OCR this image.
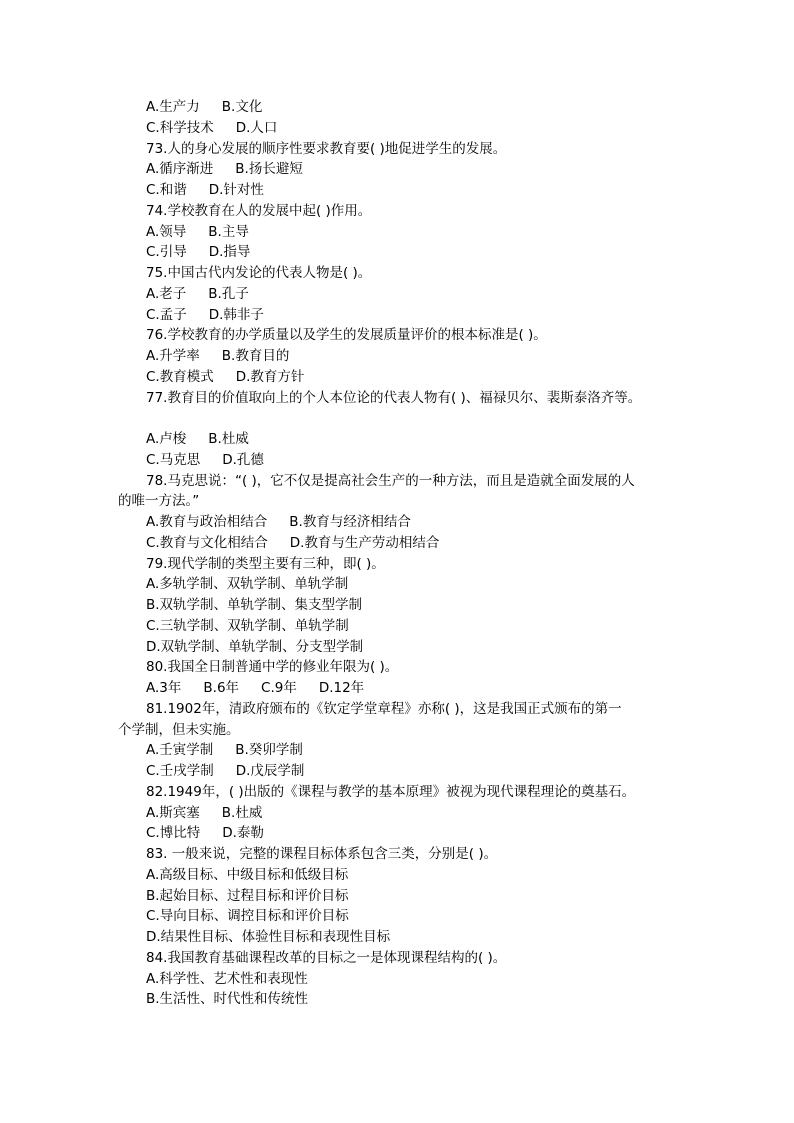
A.生产力 B.文化
C.科学技术 D.人口
73.人的身心发展的顺序性要求教育要( )地促进学生的发展。
A.循序渐进 B.扬长避短
C.和谐 D.针对性
74.学校教育在人的发展中起( )作用。
A.领导 B.主导
C.引导 D.指导
75.中国古代内发论的代表人物是( )。
A.老子 B.孔子
C.孟子 D.韩非子
76.学校教育的办学质量以及学生的发展质量评价的根本标准是( )。
A.升学率 B.教育目的
C.教育模式 D.教育方针
77.教育目的价值取向上的个人本位论的代表人物有( )、福禄贝尔、裴斯泰洛齐等。
A.卢梭 B.杜威
C.马克思 D.孔德
78.马克思说：“( )，它不仅是提高社会生产的一种方法，而且是造就全面发展的人
的唯一方法。”
A.教育与政治相结合 B.教育与经济相结合
C.教育与文化相结合 D.教育与生产劳动相结合
79.现代学制的类型主要有三种，即( )。
A.多轨学制、双轨学制、单轨学制
B.双轨学制、单轨学制、集支型学制
C.三轨学制、双轨学制、单轨学制
D.双轨学制、单轨学制、分支型学制
80.我国全日制普通中学的修业年限为( )。
A.3年 B.6年 C.9年 D.12年
81.1902年，清政府颁布的《钦定学堂章程》亦称( )，这是我国正式颁布的第一
个学制，但未实施。
A.壬寅学制 B.癸卯学制
C.壬戌学制 D.戊辰学制
82.1949年，( )出版的《课程与教学的基本原理》被视为现代课程理论的奠基石。
A.斯宾塞 B.杜威
C.博比特 D.泰勒
83. 一般来说，完整的课程目标体系包含三类，分别是( )。
A.高级目标、中级目标和低级目标
B.起始目标、过程目标和评价目标
C.导向目标、调控目标和评价目标
D.结果性目标、体验性目标和表现性目标
84.我国教育基础课程改革的目标之一是体现课程结构的( )。
A.科学性、艺术性和表现性
B.生活性、时代性和传统性
